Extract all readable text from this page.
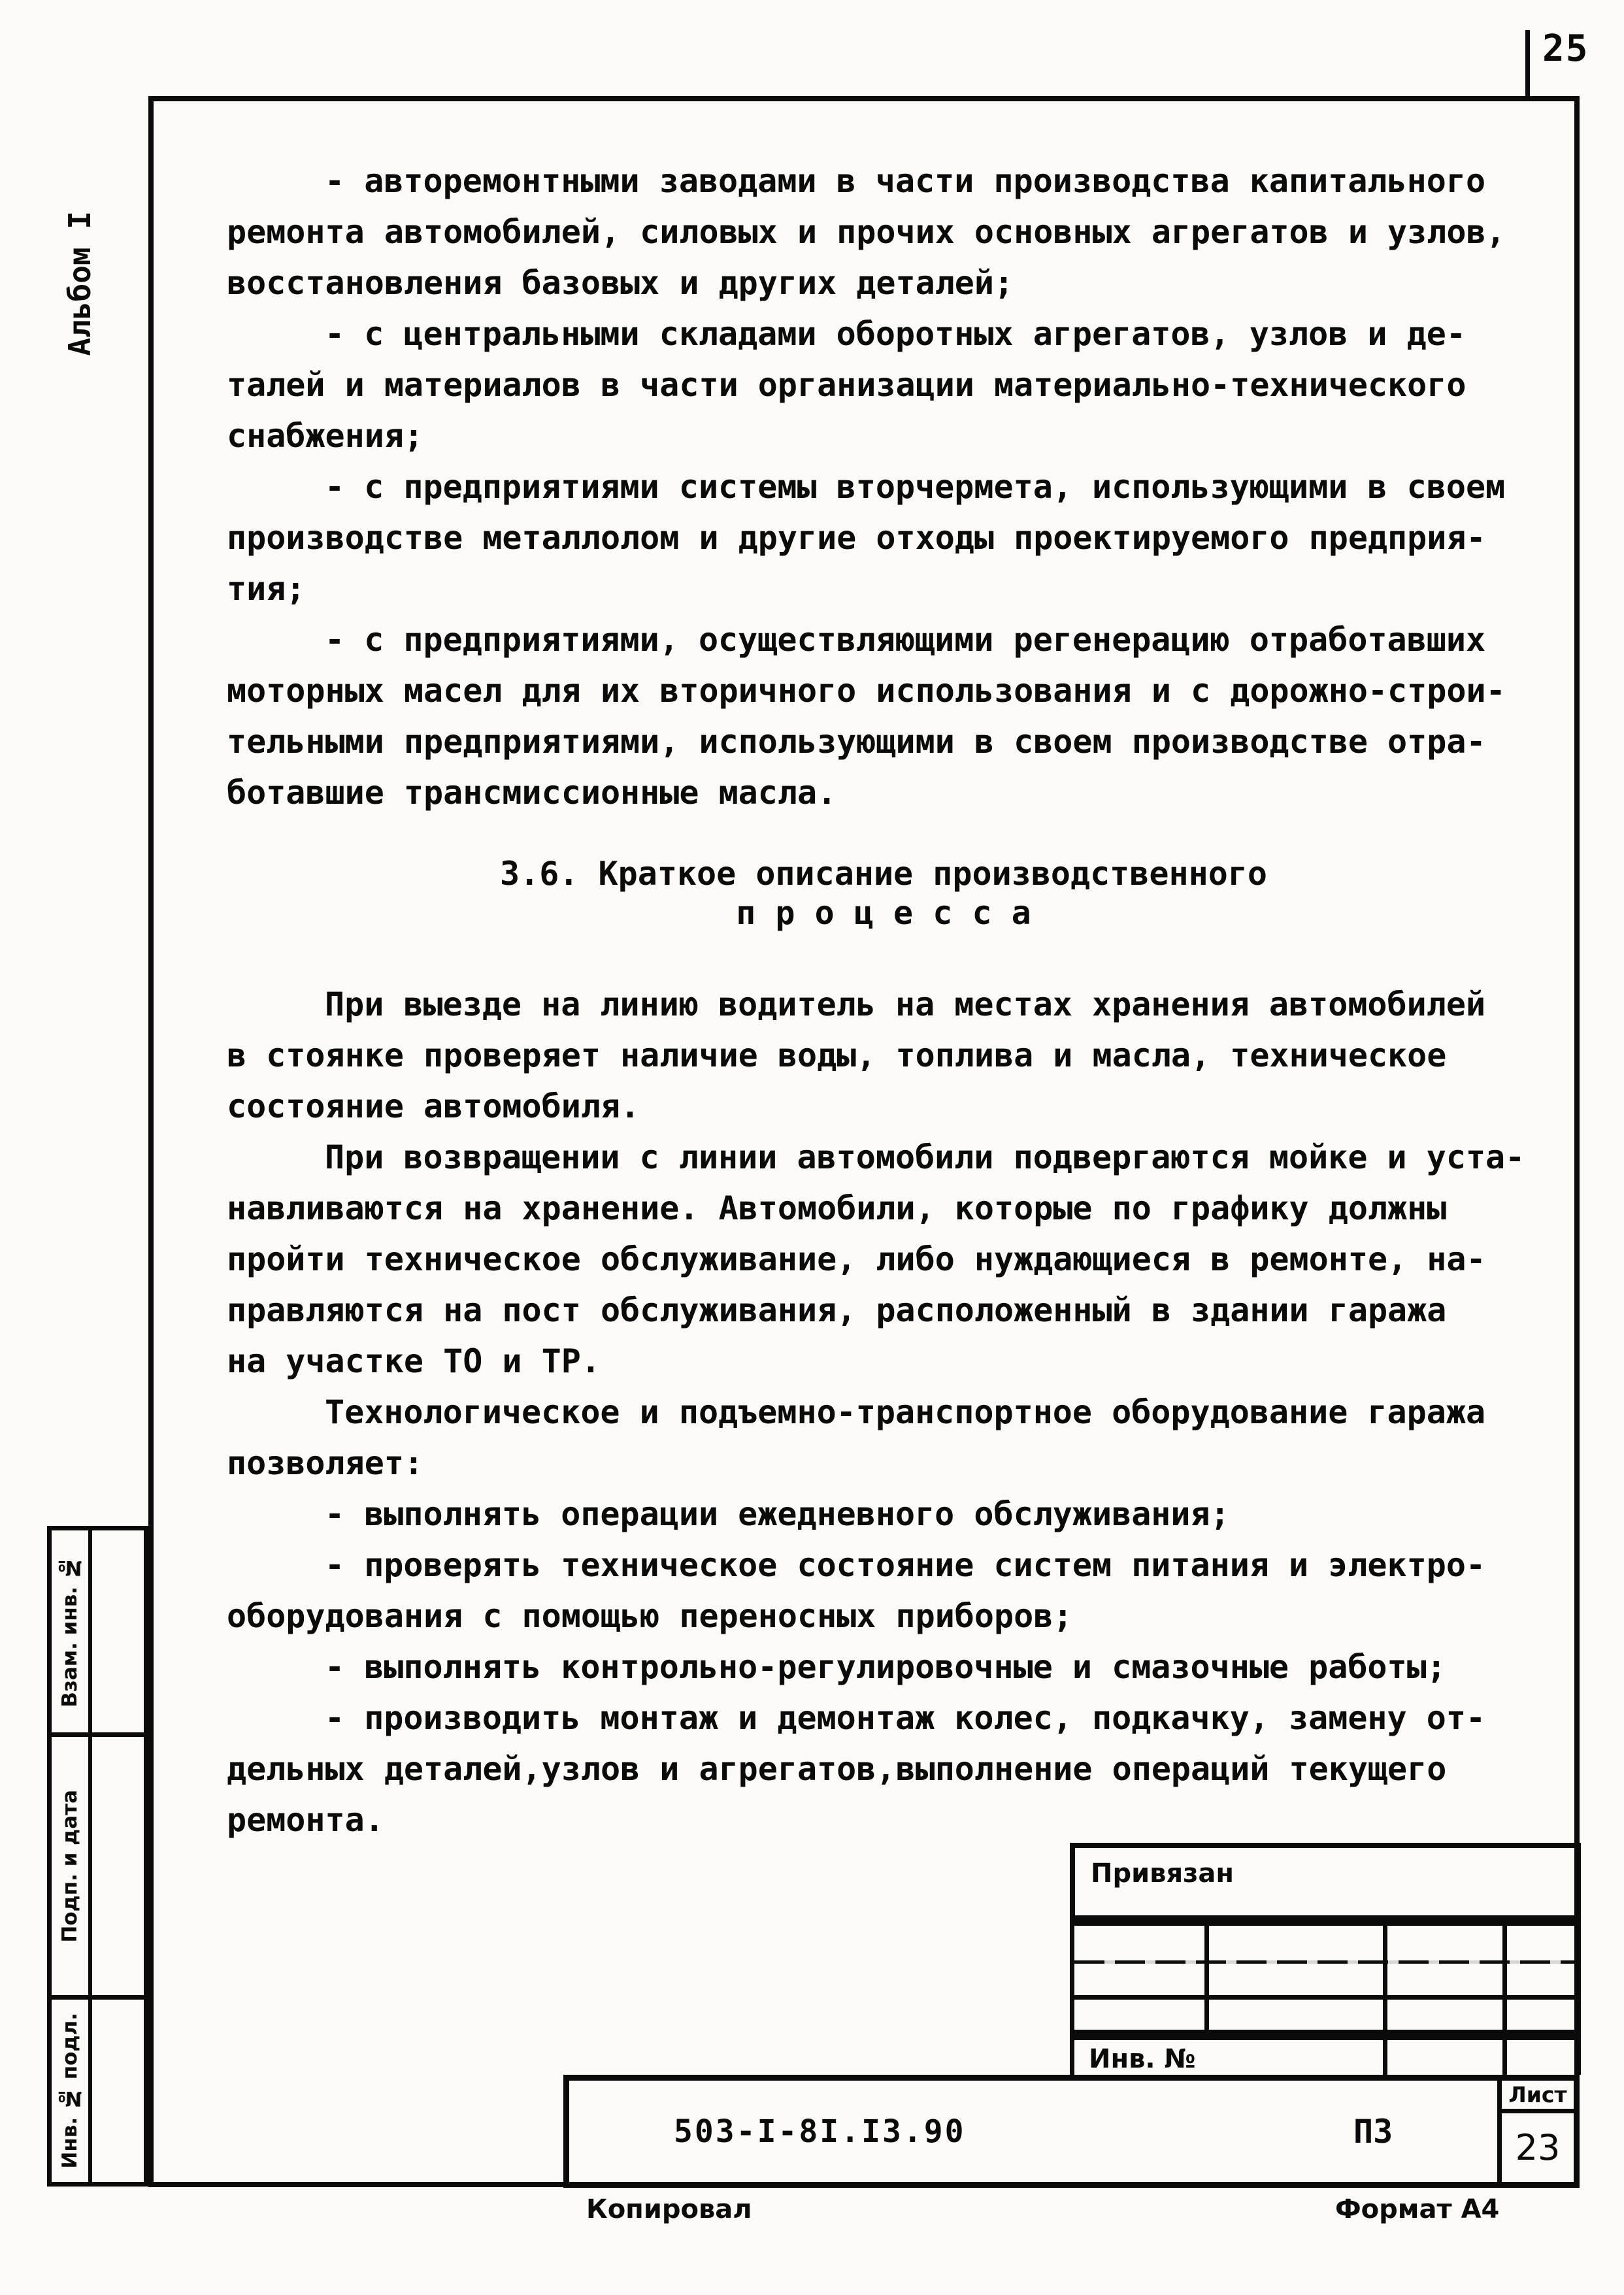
25
Альбом I
Взам. инв. №
Подп. и дата
Инв. № подл.
- авторемонтными заводами в части производства капитального
ремонта автомобилей, силовых и прочих основных агрегатов и узлов,
восстановления базовых и других деталей;
- с центральными складами оборотных агрегатов, узлов и де-
талей и материалов в части организации материально-технического
снабжения;
- с предприятиями системы вторчермета, использующими в своем
производстве металлолом и другие отходы проектируемого предприя-
тия;
- с предприятиями, осуществляющими регенерацию отработавших
моторных масел для их вторичного использования и с дорожно-строи-
тельными предприятиями, использующими в своем производстве отра-
ботавшие трансмиссионные масла.
3.6. Краткое описание производственного
п р о ц е с с а
При выезде на линию водитель на местах хранения автомобилей
в стоянке проверяет наличие воды, топлива и масла, техническое
состояние автомобиля.
При возвращении с линии автомобили подвергаются мойке и уста-
навливаются на хранение. Автомобили, которые по графику должны
пройти техническое обслуживание, либо нуждающиеся в ремонте, на-
правляются на пост обслуживания, расположенный в здании гаража
на участке ТО и ТР.
Технологическое и подъемно-транспортное оборудование гаража
позволяет:
- выполнять операции ежедневного обслуживания;
- проверять техническое состояние систем питания и электро-
оборудования с помощью переносных приборов;
- выполнять контрольно-регулировочные и смазочные работы;
- производить монтаж и демонтаж колес, подкачку, замену от-
дельных деталей,узлов и агрегатов,выполнение операций текущего
ремонта.
Привязан
Инв. №
503-I-8I.I3.90	ПЗ
Лист
23
Копировал	Формат А4
